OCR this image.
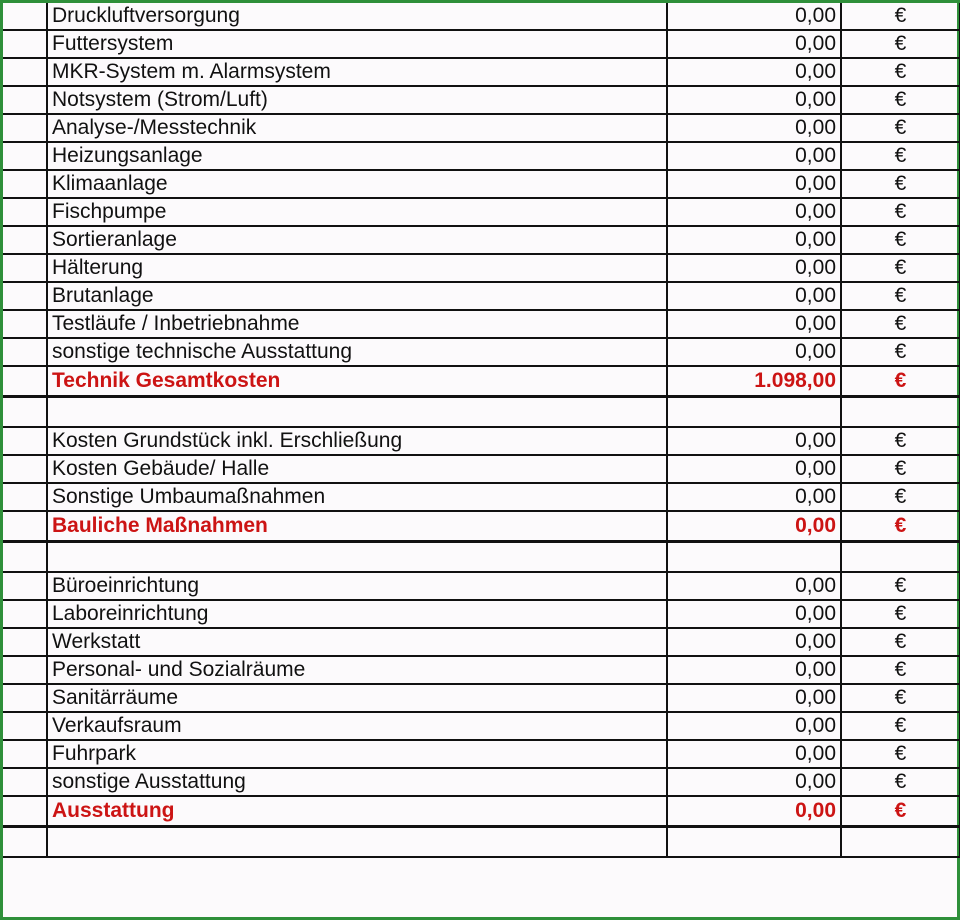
	Druckluftversorgung	0,00	€
	Futtersystem	0,00	€
	MKR-System m. Alarmsystem	0,00	€
	Notsystem (Strom/Luft)	0,00	€
	Analyse-/Messtechnik	0,00	€
	Heizungsanlage	0,00	€
	Klimaanlage	0,00	€
	Fischpumpe	0,00	€
	Sortieranlage	0,00	€
	Hälterung	0,00	€
	Brutanlage	0,00	€
	Testläufe / Inbetriebnahme	0,00	€
	sonstige technische Ausstattung	0,00	€
	Technik Gesamtkosten	1.098,00	€

	Kosten Grundstück inkl. Erschließung	0,00	€
	Kosten Gebäude/ Halle	0,00	€
	Sonstige Umbaumaßnahmen	0,00	€
	Bauliche Maßnahmen	0,00	€

	Büroeinrichtung	0,00	€
	Laboreinrichtung	0,00	€
	Werkstatt	0,00	€
	Personal- und Sozialräume	0,00	€
	Sanitärräume	0,00	€
	Verkaufsraum	0,00	€
	Fuhrpark	0,00	€
	sonstige Ausstattung	0,00	€
	Ausstattung	0,00	€
